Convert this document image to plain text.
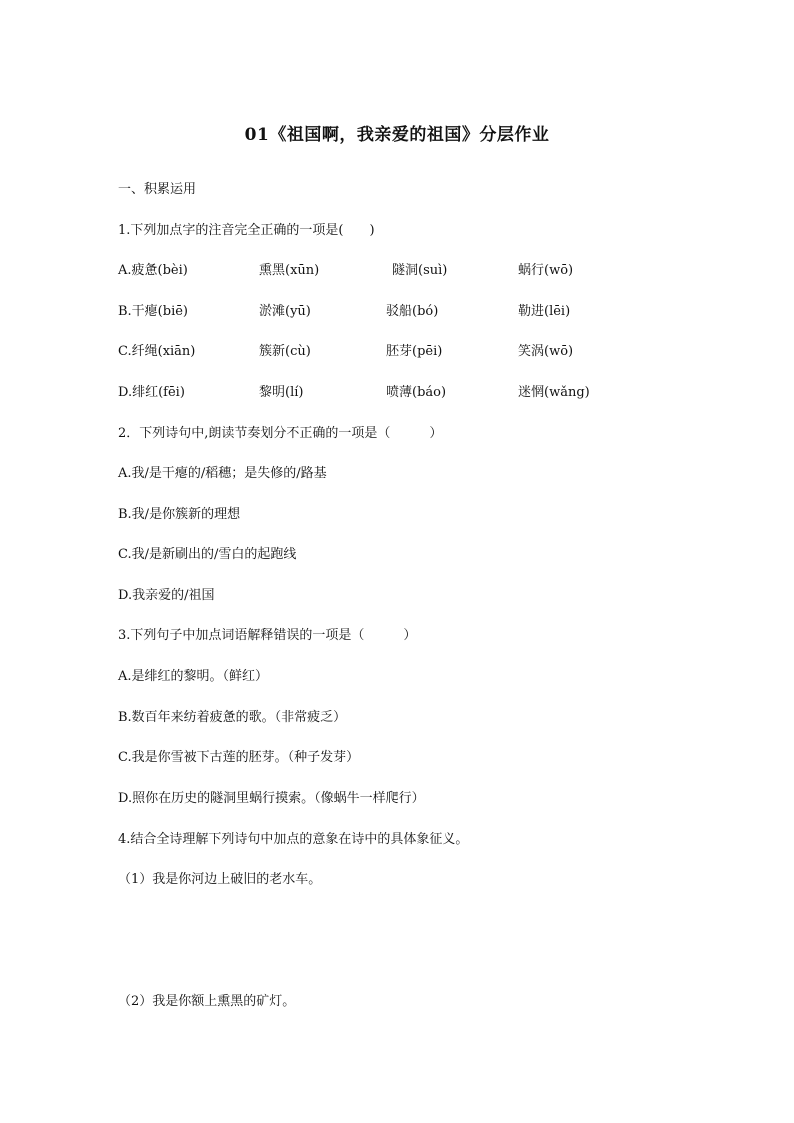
01《祖国啊，我亲爱的祖国》分层作业
一、积累运用
1.下列加点字的注音完全正确的一项是(　　)
A.疲惫(bèi)	熏黑(xūn)	隧洞(suì)	蜗行(wō)
B.干瘪(biē)	淤滩(yū)	驳船(bó)	勒进(lēi)
C.纤绳(xiān)	簇新(cù)	胚芽(pēi)	笑涡(wō)
D.绯红(fēi)	黎明(lí)	喷薄(báo)	迷惘(wǎng)
2．下列诗句中,朗读节奏划分不正确的一项是（　　　）
A.我/是干瘪的/稻穗；是失修的/路基
B.我/是你簇新的理想
C.我/是新刷出的/雪白的起跑线
D.我亲爱的/祖国
3.下列句子中加点词语解释错误的一项是（　　　）
A.是绯红的黎明。（鲜红）
B.数百年来纺着疲惫的歌。（非常疲乏）
C.我是你雪被下古莲的胚芽。（种子发芽）
D.照你在历史的隧洞里蜗行摸索。（像蜗牛一样爬行）
4.结合全诗理解下列诗句中加点的意象在诗中的具体象征义。
（1）我是你河边上破旧的老水车。
（2）我是你额上熏黑的矿灯。
